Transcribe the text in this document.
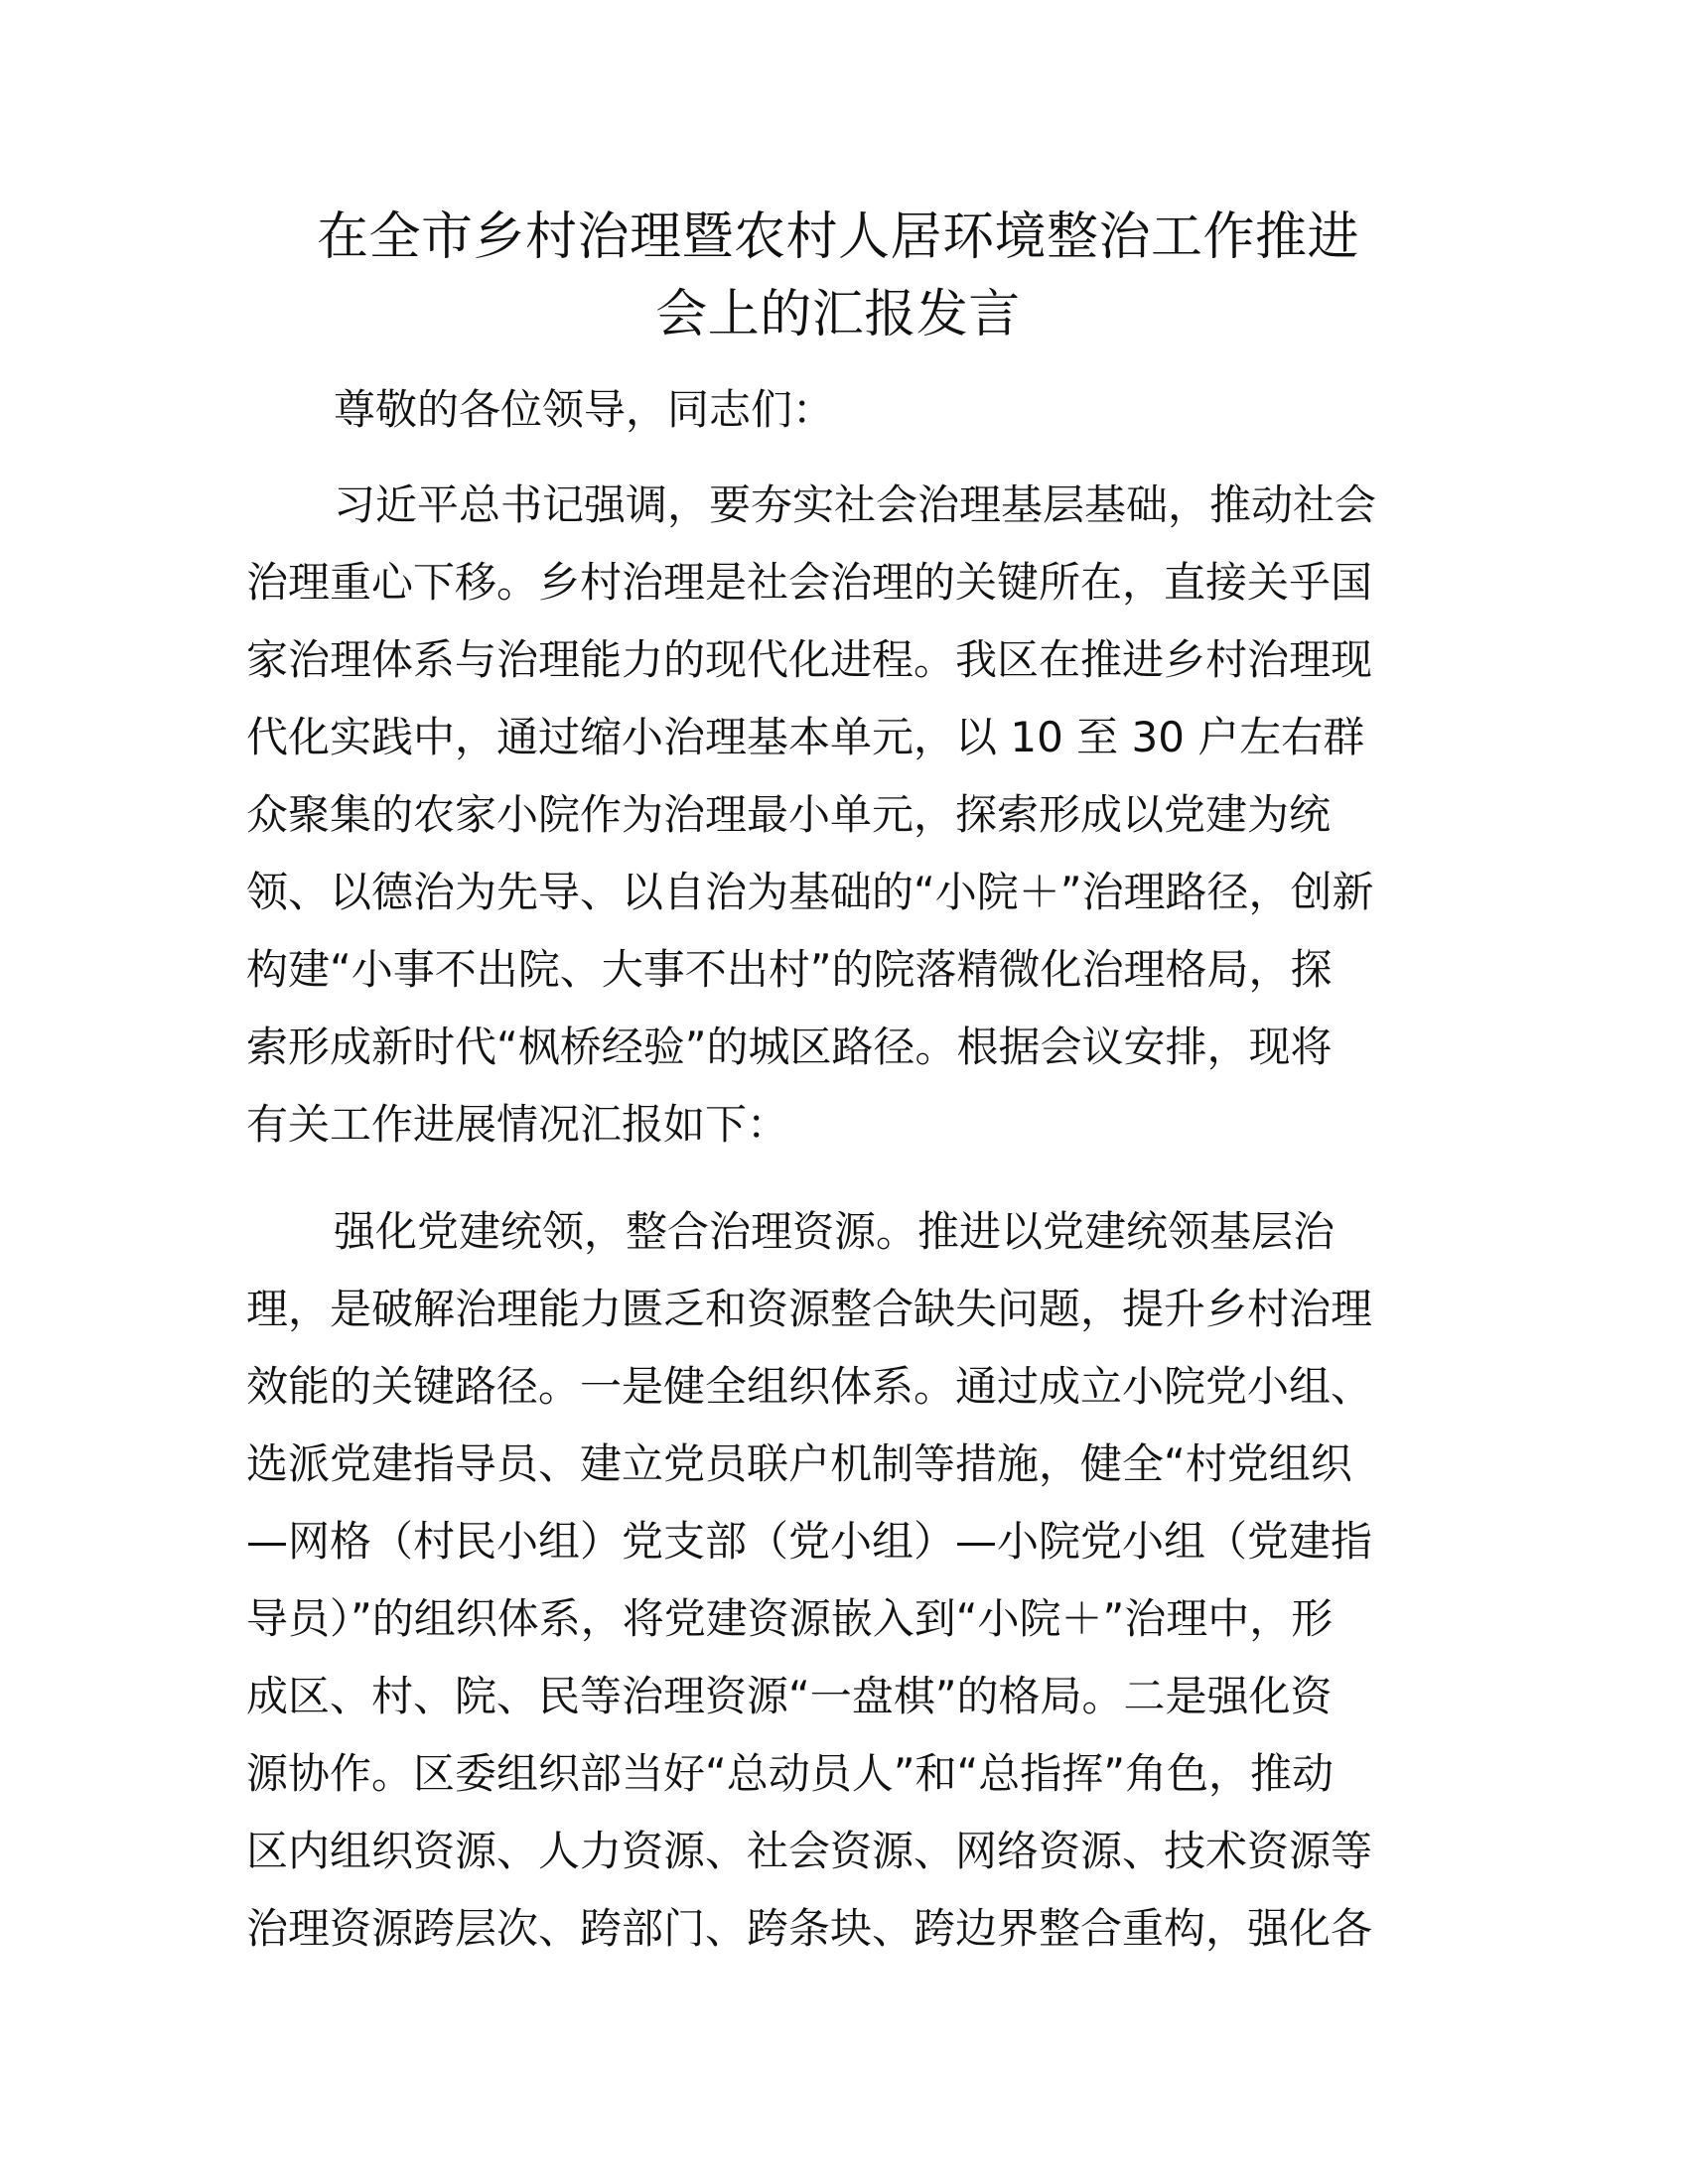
在全市乡村治理暨农村人居环境整治工作推进
会上的汇报发言

尊敬的各位领导，同志们：

习近平总书记强调，要夯实社会治理基层基础，推动社会
治理重心下移。乡村治理是社会治理的关键所在，直接关乎国
家治理体系与治理能力的现代化进程。我区在推进乡村治理现
代化实践中，通过缩小治理基本单元，以 10 至 30 户左右群
众聚集的农家小院作为治理最小单元，探索形成以党建为统
领、以德治为先导、以自治为基础的“小院＋”治理路径，创新
构建“小事不出院、大事不出村”的院落精微化治理格局，探
索形成新时代“枫桥经验”的城区路径。根据会议安排，现将
有关工作进展情况汇报如下：
强化党建统领，整合治理资源。推进以党建统领基层治
理，是破解治理能力匮乏和资源整合缺失问题，提升乡村治理
效能的关键路径。一是健全组织体系。通过成立小院党小组、
选派党建指导员、建立党员联户机制等措施，健全“村党组织
—网格（村民小组）党支部（党小组）—小院党小组（党建指
导员）”的组织体系，将党建资源嵌入到“小院＋”治理中，形
成区、村、院、民等治理资源“一盘棋”的格局。二是强化资
源协作。区委组织部当好“总动员人”和“总指挥”角色，推动
区内组织资源、人力资源、社会资源、网络资源、技术资源等
治理资源跨层次、跨部门、跨条块、跨边界整合重构，强化各
